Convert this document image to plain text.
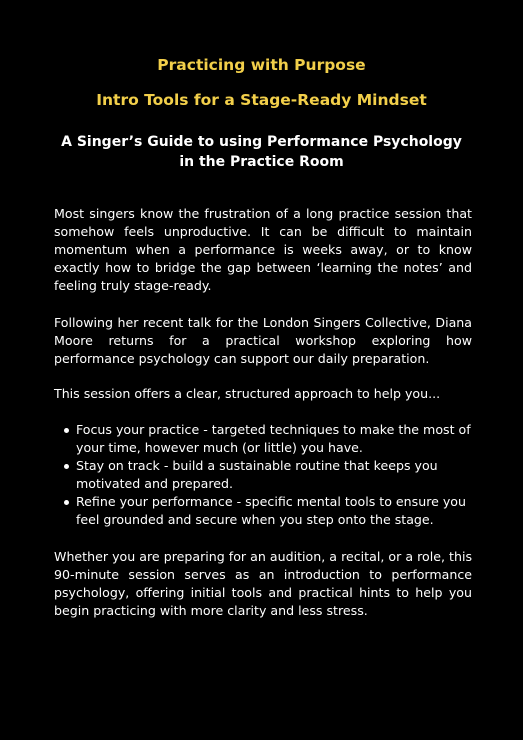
Practicing with Purpose
Intro Tools for a Stage-Ready Mindset
A Singer’s Guide to using Performance Psychology
in the Practice Room
Most singers know the frustration of a long practice session that somehow feels unproductive. It can be difficult to maintain momentum when a performance is weeks away, or to know exactly how to bridge the gap between ‘learning the notes’ and feeling truly stage-ready.
Following her recent talk for the London Singers Collective, Diana Moore returns for a practical workshop exploring how performance psychology can support our daily preparation.
This session offers a clear, structured approach to help you...
Focus your practice - targeted techniques to make the most of your time, however much (or little) you have.
Stay on track - build a sustainable routine that keeps you motivated and prepared.
Refine your performance - specific mental tools to ensure you feel grounded and secure when you step onto the stage.
Whether you are preparing for an audition, a recital, or a role, this 90-minute session serves as an introduction to performance psychology, offering initial tools and practical hints to help you begin practicing with more clarity and less stress.
